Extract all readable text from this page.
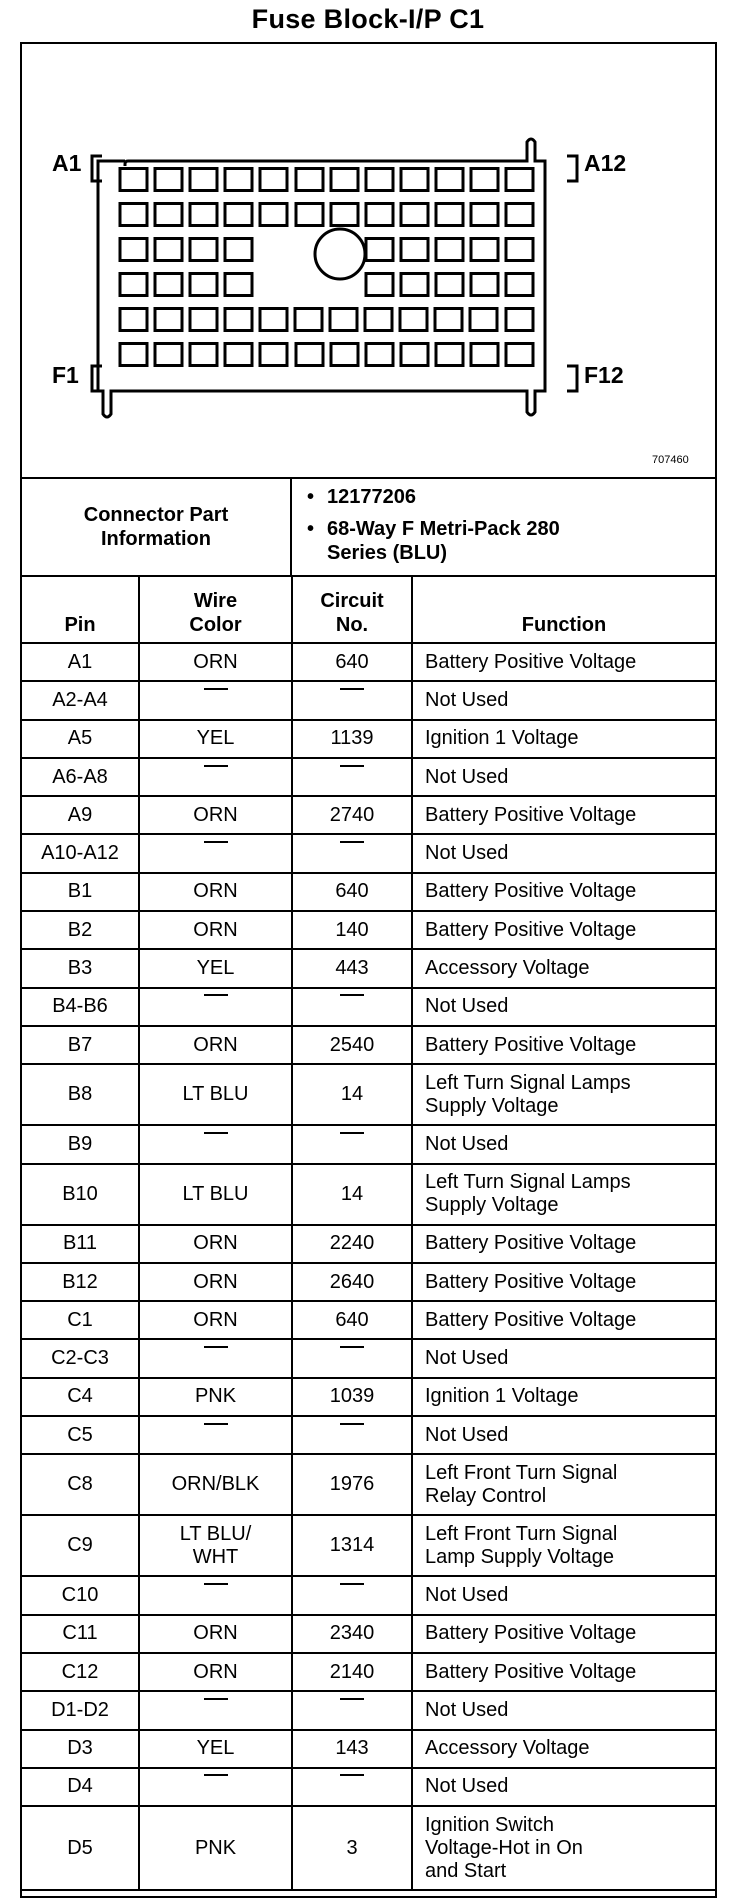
Fuse Block-I/P C1
A1	A12
F1	F12
707460
Connector Part Information
• 12177206
• 68-Way F Metri-Pack 280 Series (BLU)
Pin	Wire Color	Circuit No.	Function
A1	ORN	640	Battery Positive Voltage
A2-A4			Not Used
A5	YEL	1139	Ignition 1 Voltage
A6-A8			Not Used
A9	ORN	2740	Battery Positive Voltage
A10-A12			Not Used
B1	ORN	640	Battery Positive Voltage
B2	ORN	140	Battery Positive Voltage
B3	YEL	443	Accessory Voltage
B4-B6			Not Used
B7	ORN	2540	Battery Positive Voltage
B8	LT BLU	14	Left Turn Signal Lamps Supply Voltage
B9			Not Used
B10	LT BLU	14	Left Turn Signal Lamps Supply Voltage
B11	ORN	2240	Battery Positive Voltage
B12	ORN	2640	Battery Positive Voltage
C1	ORN	640	Battery Positive Voltage
C2-C3			Not Used
C4	PNK	1039	Ignition 1 Voltage
C5			Not Used
C8	ORN/BLK	1976	Left Front Turn Signal Relay Control
C9	LT BLU/ WHT	1314	Left Front Turn Signal Lamp Supply Voltage
C10			Not Used
C11	ORN	2340	Battery Positive Voltage
C12	ORN	2140	Battery Positive Voltage
D1-D2			Not Used
D3	YEL	143	Accessory Voltage
D4			Not Used
D5	PNK	3	Ignition Switch Voltage-Hot in On and Start
